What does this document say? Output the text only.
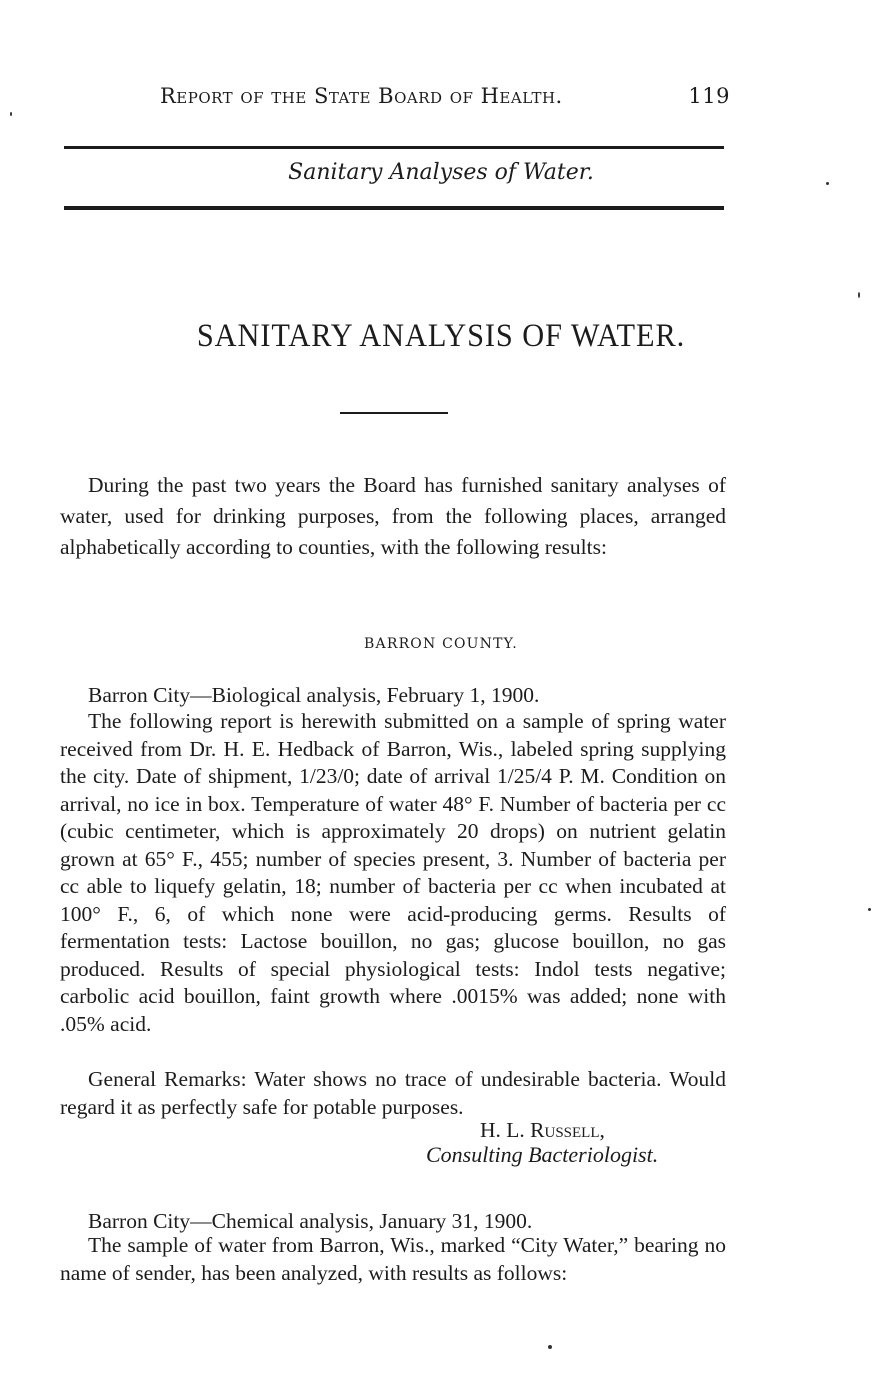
Report of the State Board of Health.	119
Sanitary Analyses of Water.
SANITARY ANALYSIS OF WATER.

During the past two years the Board has furnished sanitary analyses of water, used for drinking purposes, from the following places, arranged alphabetically according to counties, with the following results:

BARRON COUNTY.

Barron City—Biological analysis, February 1, 1900.

The following report is herewith submitted on a sample of spring water received from Dr. H. E. Hedback of Barron, Wis., labeled spring supplying the city. Date of shipment, 1/23/0; date of arrival 1/25/4 P. M. Condition on arrival, no ice in box. Temperature of water 48° F. Number of bacteria per cc (cubic centimeter, which is approximately 20 drops) on nutrient gelatin grown at 65° F., 455; number of species present, 3. Number of bacteria per cc able to liquefy gelatin, 18; number of bacteria per cc when incubated at 100° F., 6, of which none were acid-producing germs. Results of fermentation tests: Lactose bouillon, no gas; glucose bouillon, no gas produced. Results of special physiological tests: Indol tests negative; carbolic acid bouillon, faint growth where .0015% was added; none with .05% acid.

General Remarks: Water shows no trace of undesirable bacteria. Would regard it as perfectly safe for potable purposes.

H. L. Russell,
Consulting Bacteriologist.

Barron City—Chemical analysis, January 31, 1900.

The sample of water from Barron, Wis., marked “City Water,” bearing no name of sender, has been analyzed, with results as follows:
